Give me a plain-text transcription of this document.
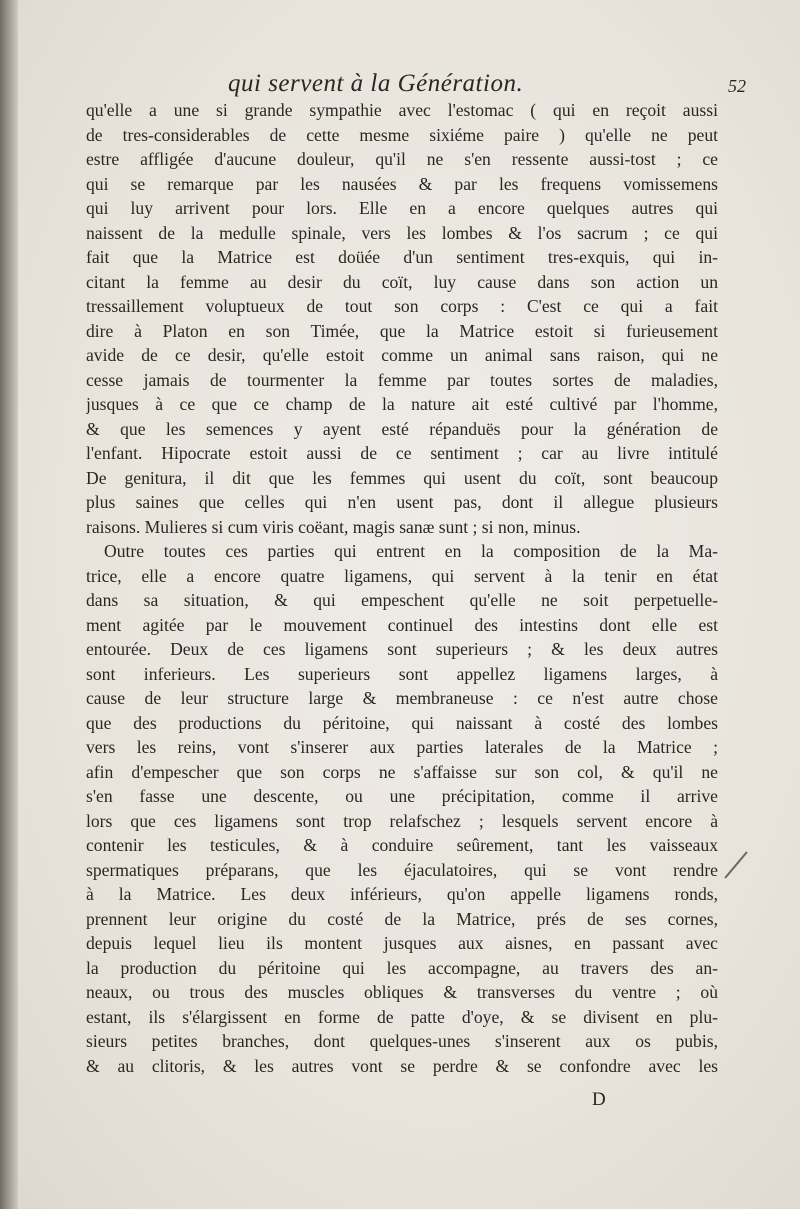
qui servent à la Génération.	52
qu'elle a une si grande sympathie avec l'estomac ( qui en reçoit aussi
de tres-considerables de cette mesme sixiéme paire ) qu'elle ne peut
estre affligée d'aucune douleur, qu'il ne s'en ressente aussi-tost ; ce
qui se remarque par les nausées & par les frequens vomissemens
qui luy arrivent pour lors. Elle en a encore quelques autres qui
naissent de la medulle spinale, vers les lombes & l'os sacrum ; ce qui
fait que la Matrice est doüée d'un sentiment tres-exquis, qui in-
citant la femme au desir du coït, luy cause dans son action un
tressaillement voluptueux de tout son corps : C'est ce qui a fait
dire à Platon en son Timée, que la Matrice estoit si furieusement
avide de ce desir, qu'elle estoit comme un animal sans raison, qui ne
cesse jamais de tourmenter la femme par toutes sortes de maladies,
jusques à ce que ce champ de la nature ait esté cultivé par l'homme,
& que les semences y ayent esté répanduës pour la génération de
l'enfant. Hipocrate estoit aussi de ce sentiment ; car au livre intitulé
De genitura, il dit que les femmes qui usent du coït, sont beaucoup
plus saines que celles qui n'en usent pas, dont il allegue plusieurs
raisons. Mulieres si cum viris coëant, magis sanæ sunt ; si non, minus.
Outre toutes ces parties qui entrent en la composition de la Ma-
trice, elle a encore quatre ligamens, qui servent à la tenir en état
dans sa situation, & qui empeschent qu'elle ne soit perpetuelle-
ment agitée par le mouvement continuel des intestins dont elle est
entourée. Deux de ces ligamens sont superieurs ; & les deux autres
sont inferieurs. Les superieurs sont appellez ligamens larges, à
cause de leur structure large & membraneuse : ce n'est autre chose
que des productions du péritoine, qui naissant à costé des lombes
vers les reins, vont s'inserer aux parties laterales de la Matrice ;
afin d'empescher que son corps ne s'affaisse sur son col, & qu'il ne
s'en fasse une descente, ou une précipitation, comme il arrive
lors que ces ligamens sont trop relafschez ; lesquels servent encore à
contenir les testicules, & à conduire seûrement, tant les vaisseaux
spermatiques préparans, que les éjaculatoires, qui se vont rendre
à la Matrice. Les deux inférieurs, qu'on appelle ligamens ronds,
prennent leur origine du costé de la Matrice, prés de ses cornes,
depuis lequel lieu ils montent jusques aux aisnes, en passant avec
la production du péritoine qui les accompagne, au travers des an-
neaux, ou trous des muscles obliques & transverses du ventre ; où
estant, ils s'élargissent en forme de patte d'oye, & se divisent en plu-
sieurs petites branches, dont quelques-unes s'inserent aux os pubis,
& au clitoris, & les autres vont se perdre & se confondre avec les
D
